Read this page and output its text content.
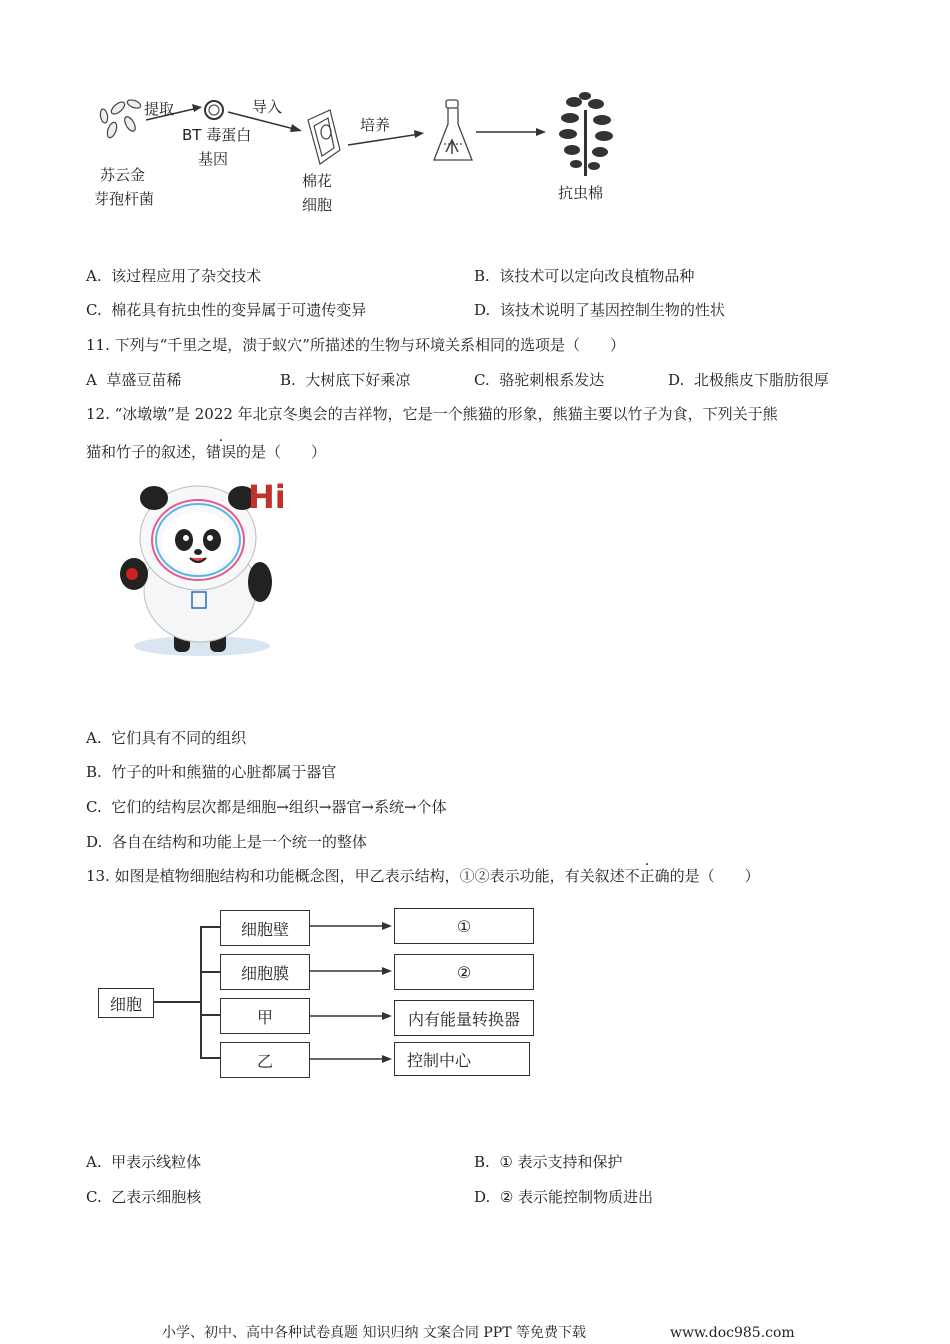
提取	导入
培养
BT 毒蛋白
基因
苏云金
芽孢杆菌
棉花
细胞
抗虫棉
A. 该过程应用了杂交技术	B. 该技术可以定向改良植物品种
C. 棉花具有抗虫性的变异属于可遗传变异	D. 该技术说明了基因控制生物的性状
11. 下列与“千里之堤，溃于蚁穴”所描述的生物与环境关系相同的选项是（　　）
A 草盛豆苗稀	B. 大树底下好乘凉	C. 骆驼刺根系发达	D. 北极熊皮下脂肪很厚
12. “冰墩墩”是 2022 年北京冬奥会的吉祥物，它是一个熊猫的形象，熊猫主要以竹子为食，下列关于熊
猫和竹子的叙述，错误的是（　　）
Hi
A. 它们具有不同的组织
B. 竹子的叶和熊猫的心脏都属于器官
C. 它们的结构层次都是细胞→组织→器官→系统→个体
D. 各自在结构和功能上是一个统一的整体
13. 如图是植物细胞结构和功能概念图，甲乙表示结构，①②表示功能，有关叙述不正确的是（　　）
细胞
细胞壁
细胞膜
甲
乙
①
②
内有能量转换器
控制中心
A. 甲表示线粒体	B. ① 表示支持和保护
C. 乙表示细胞核	D. ② 表示能控制物质进出
小学、初中、高中各种试卷真题 知识归纳 文案合同 PPT 等免费下载	www.doc985.com
